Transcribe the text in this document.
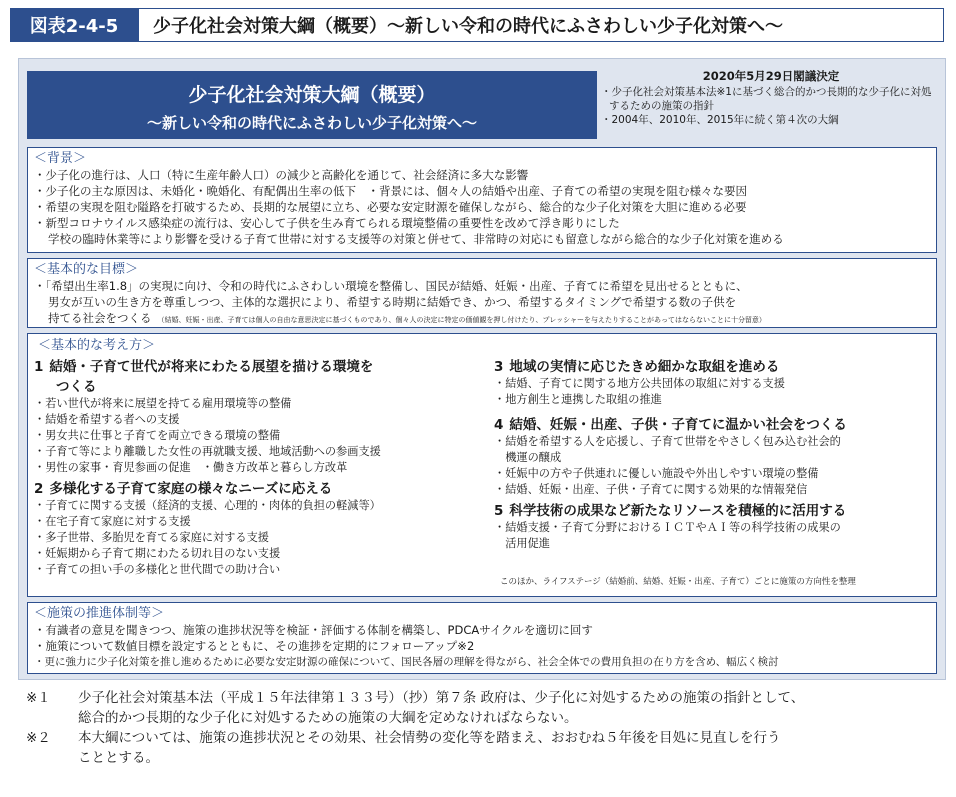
図表2-4-5	少子化社会対策大綱（概要）～新しい令和の時代にふさわしい少子化対策へ～
少子化社会対策大綱（概要）
～新しい令和の時代にふさわしい少子化対策へ～
2020年5月29日閣議決定
・少子化社会対策基本法※1に基づく総合的かつ長期的な少子化に対処するための施策の指針
・2004年、2010年、2015年に続く第４次の大綱
＜背景＞
・少子化の進行は、人口（特に生産年齢人口）の減少と高齢化を通じて、社会経済に多大な影響
・少子化の主な原因は、未婚化・晩婚化、有配偶出生率の低下　・背景には、個々人の結婚や出産、子育ての希望の実現を阻む様々な要因
・希望の実現を阻む隘路を打破するため、長期的な展望に立ち、必要な安定財源を確保しながら、総合的な少子化対策を大胆に進める必要
・新型コロナウイルス感染症の流行は、安心して子供を生み育てられる環境整備の重要性を改めて浮き彫りにした
学校の臨時休業等により影響を受ける子育て世帯に対する支援等の対策と併せて、非常時の対応にも留意しながら総合的な少子化対策を進める
＜基本的な目標＞
・「希望出生率1.8」の実現に向け、令和の時代にふさわしい環境を整備し、国民が結婚、妊娠・出産、子育てに希望を見出せるとともに、
男女が互いの生き方を尊重しつつ、主体的な選択により、希望する時期に結婚でき、かつ、希望するタイミングで希望する数の子供を
持てる社会をつくる （結婚、妊娠・出産、子育ては個人の自由な意思決定に基づくものであり、個々人の決定に特定の価値観を押し付けたり、プレッシャーを与えたりすることがあってはならないことに十分留意）
＜基本的な考え方＞
1 結婚・子育て世代が将来にわたる展望を描ける環境を
つくる
・若い世代が将来に展望を持てる雇用環境等の整備
・結婚を希望する者への支援
・男女共に仕事と子育てを両立できる環境の整備
・子育て等により離職した女性の再就職支援、地域活動への参画支援
・男性の家事・育児参画の促進　・働き方改革と暮らし方改革
2 多様化する子育て家庭の様々なニーズに応える
・子育てに関する支援（経済的支援、心理的・肉体的負担の軽減等）
・在宅子育て家庭に対する支援
・多子世帯、多胎児を育てる家庭に対する支援
・妊娠期から子育て期にわたる切れ目のない支援
・子育ての担い手の多様化と世代間での助け合い
3 地域の実情に応じたきめ細かな取組を進める
・結婚、子育てに関する地方公共団体の取組に対する支援
・地方創生と連携した取組の推進
4 結婚、妊娠・出産、子供・子育てに温かい社会をつくる
・結婚を希望する人を応援し、子育て世帯をやさしく包み込む社会的
　機運の醸成
・妊娠中の方や子供連れに優しい施設や外出しやすい環境の整備
・結婚、妊娠・出産、子供・子育てに関する効果的な情報発信
5 科学技術の成果など新たなリソースを積極的に活用する
・結婚支援・子育て分野におけるＩＣＴやＡＩ等の科学技術の成果の
　活用促進
このほか、ライフステージ（結婚前、結婚、妊娠・出産、子育て）ごとに施策の方向性を整理
＜施策の推進体制等＞
・有識者の意見を聞きつつ、施策の進捗状況等を検証・評価する体制を構築し、PDCAサイクルを適切に回す
・施策について数値目標を設定するとともに、その進捗を定期的にフォローアップ※2
・更に強力に少子化対策を推し進めるために必要な安定財源の確保について、国民各層の理解を得ながら、社会全体での費用負担の在り方を含め、幅広く検討
※１	少子化社会対策基本法（平成１５年法律第１３３号）（抄）第７条 政府は、少子化に対処するための施策の指針として、
総合的かつ長期的な少子化に対処するための施策の大綱を定めなければならない。
※２	本大綱については、施策の進捗状況とその効果、社会情勢の変化等を踏まえ、おおむね５年後を目処に見直しを行う
こととする。
